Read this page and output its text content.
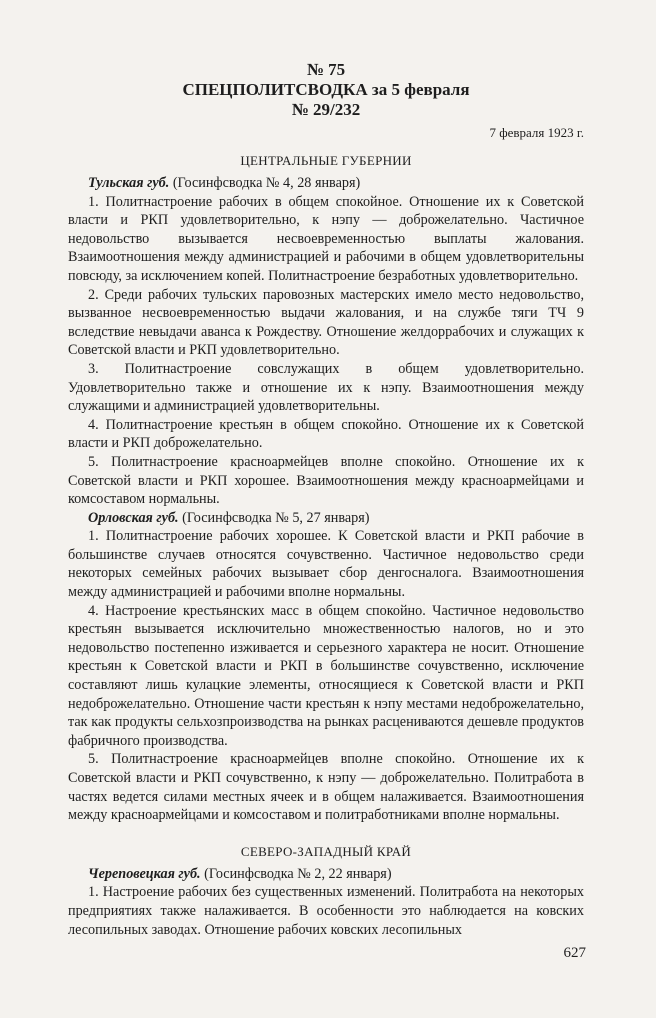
№ 75
СПЕЦПОЛИТСВОДКА за 5 февраля
№ 29/232
7 февраля 1923 г.
ЦЕНТРАЛЬНЫЕ ГУБЕРНИИ
Тульская губ. (Госинфсводка № 4, 28 января)

1. Политнастроение рабочих в общем спокойное. Отношение их к Советской власти и РКП удовлетворительно, к нэпу — доброжелательно. Частичное недовольство вызывается несвоевременностью выплаты жалования. Взаимоотношения между администрацией и рабочими в общем удовлетворительны повсюду, за исключением копей. Политнастроение безработных удовлетворительно.

2. Среди рабочих тульских паровозных мастерских имело место недовольство, вызванное несвоевременностью выдачи жалования, и на службе тяги ТЧ 9 вследствие невыдачи аванса к Рождеству. Отношение желдоррабочих и служащих к Советской власти и РКП удовлетворительно.

3. Политнастроение совслужащих в общем удовлетворительно. Удовлетворительно также и отношение их к нэпу. Взаимоотношения между служащими и администрацией удовлетворительны.

4. Политнастроение крестьян в общем спокойно. Отношение их к Советской власти и РКП доброжелательно.

5. Политнастроение красноармейцев вполне спокойно. Отношение их к Советской власти и РКП хорошее. Взаимоотношения между красноармейцами и комсоставом нормальны.

Орловская губ. (Госинфсводка № 5, 27 января)

1. Политнастроение рабочих хорошее. К Советской власти и РКП рабочие в большинстве случаев относятся сочувственно. Частичное недовольство среди некоторых семейных рабочих вызывает сбор денгосналога. Взаимоотношения между администрацией и рабочими вполне нормальны.

4. Настроение крестьянских масс в общем спокойно. Частичное недовольство крестьян вызывается исключительно множественностью налогов, но и это недовольство постепенно изживается и серьезного характера не носит. Отношение крестьян к Советской власти и РКП в большинстве сочувственно, исключение составляют лишь кулацкие элементы, относящиеся к Советской власти и РКП недоброжелательно. Отношение части крестьян к нэпу местами недоброжелательно, так как продукты сельхозпроизводства на рынках расцениваются дешевле продуктов фабричного производства.

5. Политнастроение красноармейцев вполне спокойно. Отношение их к Советской власти и РКП сочувственно, к нэпу — доброжелательно. Политработа в частях ведется силами местных ячеек и в общем налаживается. Взаимоотношения между красноармейцами и комсоставом и политработниками вполне нормальны.

СЕВЕРО-ЗАПАДНЫЙ КРАЙ
Череповецкая губ. (Госинфсводка № 2, 22 января)

1. Настроение рабочих без существенных изменений. Политработа на некоторых предприятиях также налаживается. В особенности это наблюдается на ковских лесопильных заводах. Отношение рабочих ковских лесопильных

627
